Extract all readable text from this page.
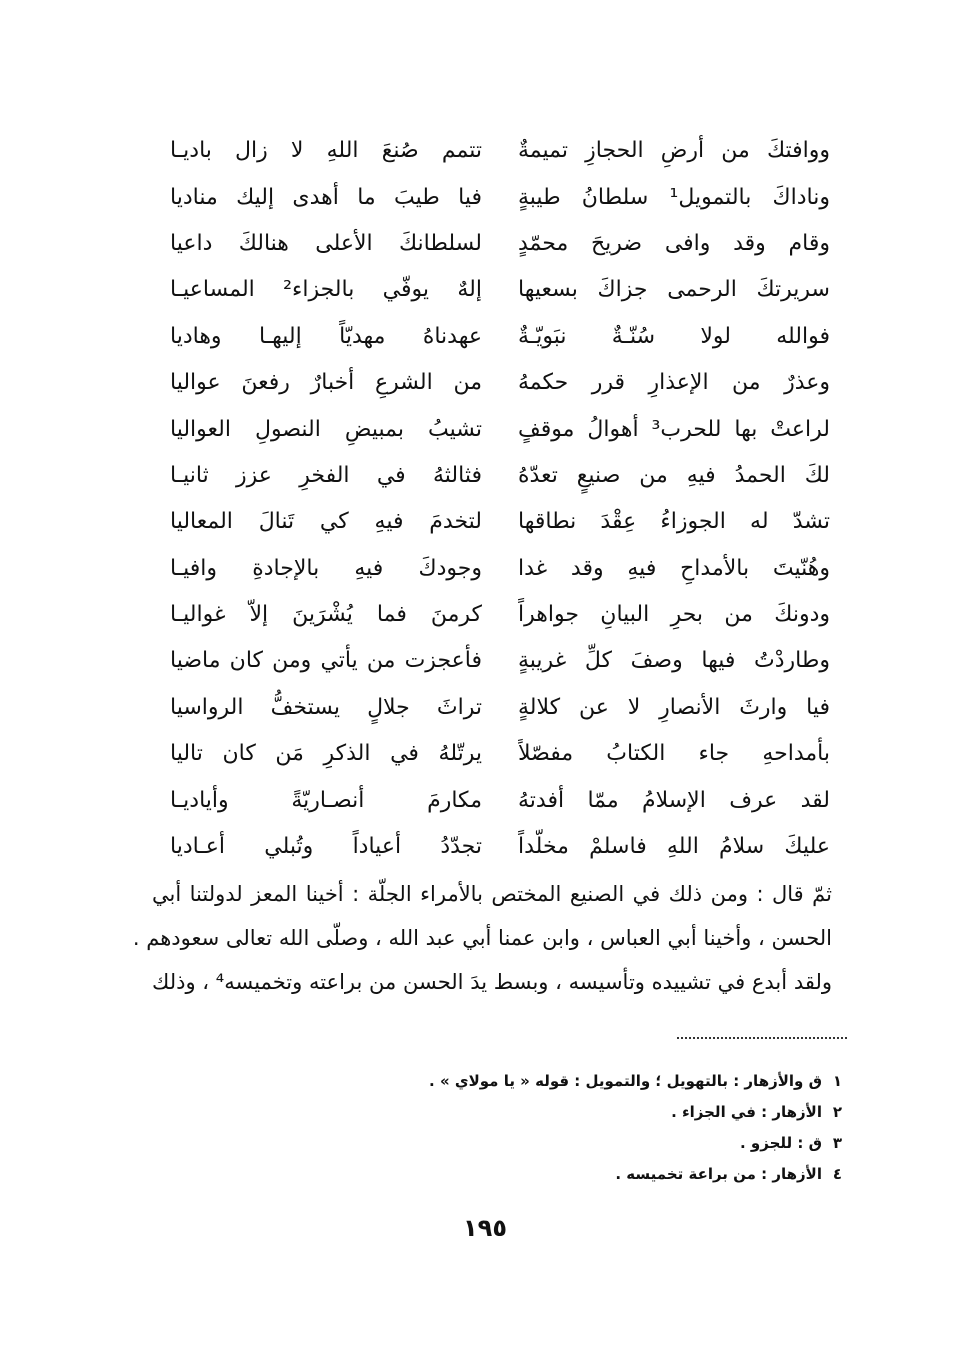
ووافتكَ من أرضِ الحجازِ تميمةٌ
تتمم صُنعَ اللهِ لا زال باديـا
وناداكَ بالتمويل¹ سلطانُ طيبةٍ
فيا طيبَ ما أهدى إليك مناديا
وقام وقد وافى ضريحَ محمّدٍ
لسلطانكَ الأعلى هنالكَ داعيا
سريرتكَ الرحمى جزاكَ بسعيها
إلهٌ يوفّي بالجزاء² المساعيـا
فوالله لولا سُنّـةٌ نبَويّـةٌ
عهدناهُ مهديّاً إليهـا وهاديا
وعذرٌ من الإعذارِ قرر حكمهُ
من الشرعِ أخبارٌ رفعنَ عواليا
لراعتْ بها للحرب³ أهوالُ موقفٍ
تشيبُ بمبيضِ النصولِ العواليا
لكَ الحمدُ فيهِ من صنيعٍ تعدّهُ
فثالثهُ في الفخرِ عزز ثانيـا
تشدّ له الجوزاءُ عِقْدَ نطاقها
لتخدمَ فيهِ كي تَنالَ المعاليا
وهُنّيتَ بالأمداحِ فيهِ وقد غدا
وجودكَ فيهِ بالإجادةِ وافيـا
ودونكَ من بحرِ البيانِ جواهراً
كرمنَ فما يُشْرَينَ إلاّ غواليـا
وطاردْتُ فيها وصفَ كلِّ غريبةٍ
فأعجزت من يأتي ومن كان ماضيا
فيا وارثَ الأنصارِ لا عن كلالةٍ
تراثَ جلالٍ يستخفُّ الرواسيا
بأمداحهِ جاء الكتابُ مفصّلاً
يرتّلهُ في الذكرِ مَن كان تاليا
لقد عرف الإسلامُ ممّا أفدتهُ
مكارمَ أنصـاريّةً وأياديـا
عليكَ سلامُ اللهِ فاسلمْ مخلّداً
تجدّدُ أعياداً وتُبلي أعـاديا

ثمّ قال : ومن ذلك في الصنيع المختص بالأمراء الجلّة : أخينا المعز لدولتنا أبي

الحسن ، وأخينا أبي العباس ، وابن عمنا أبي عبد الله ، وصلّى الله تعالى سعودهم .

ولقد أبدع في تشييده وتأسيسه ، وبسط يدَ الحسن من براعته وتخميسه⁴ ، وذلك

١ق والأزهار : بالتهويل ؛ والتمويل : قوله « يا مولاي » .
٢الأزهار : في الجزاء .
٣ق : للجزو .
٤الأزهار : من براعة تخميسه .
١٩٥
